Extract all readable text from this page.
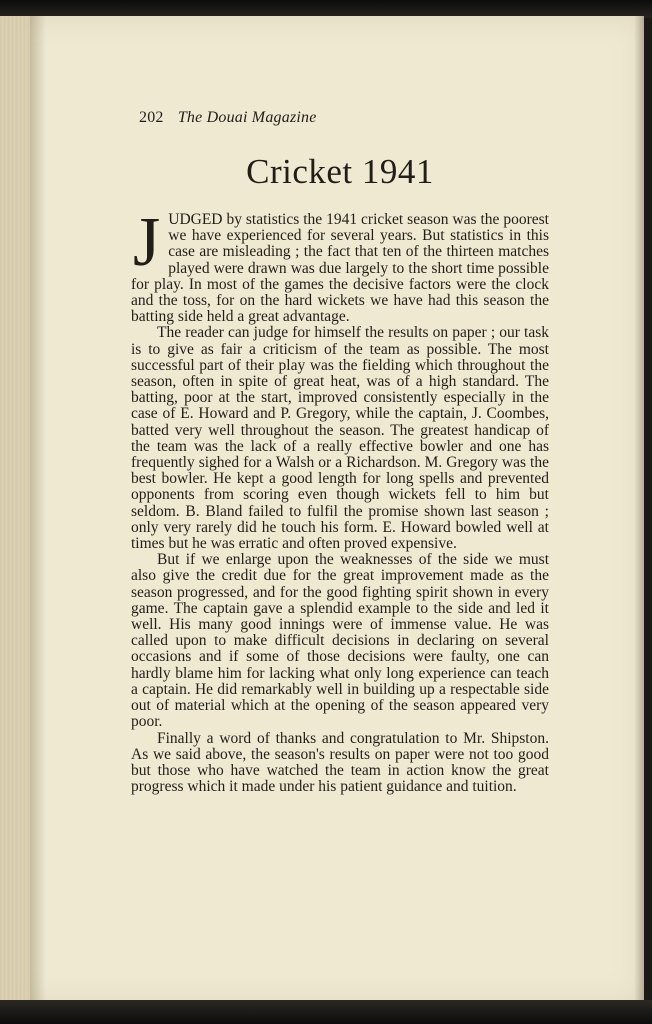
202 The Douai Magazine
Cricket 1941

JUDGED by statistics the 1941 cricket season was the poorest we have experienced for several years. But statistics in this case are misleading ; the fact that ten of the thirteen matches played were drawn was due largely to the short time possible for play. In most of the games the decisive factors were the clock and the toss, for on the hard wickets we have had this season the batting side held a great advantage.

The reader can judge for himself the results on paper ; our task is to give as fair a criticism of the team as possible. The most successful part of their play was the fielding which throughout the season, often in spite of great heat, was of a high standard. The batting, poor at the start, improved consistently especially in the case of E. Howard and P. Gregory, while the captain, J. Coombes, batted very well throughout the season. The greatest handicap of the team was the lack of a really effective bowler and one has frequently sighed for a Walsh or a Richardson. M. Gregory was the best bowler. He kept a good length for long spells and prevented opponents from scoring even though wickets fell to him but seldom. B. Bland failed to fulfil the promise shown last season ; only very rarely did he touch his form. E. Howard bowled well at times but he was erratic and often proved expensive.

But if we enlarge upon the weaknesses of the side we must also give the credit due for the great improvement made as the season progressed, and for the good fighting spirit shown in every game. The captain gave a splendid example to the side and led it well. His many good innings were of immense value. He was called upon to make difficult decisions in declaring on several occasions and if some of those decisions were faulty, one can hardly blame him for lacking what only long experience can teach a captain. He did remarkably well in building up a respectable side out of material which at the opening of the season appeared very poor.

Finally a word of thanks and congratulation to Mr. Shipston. As we said above, the season's results on paper were not too good but those who have watched the team in action know the great progress which it made under his patient guidance and tuition.
